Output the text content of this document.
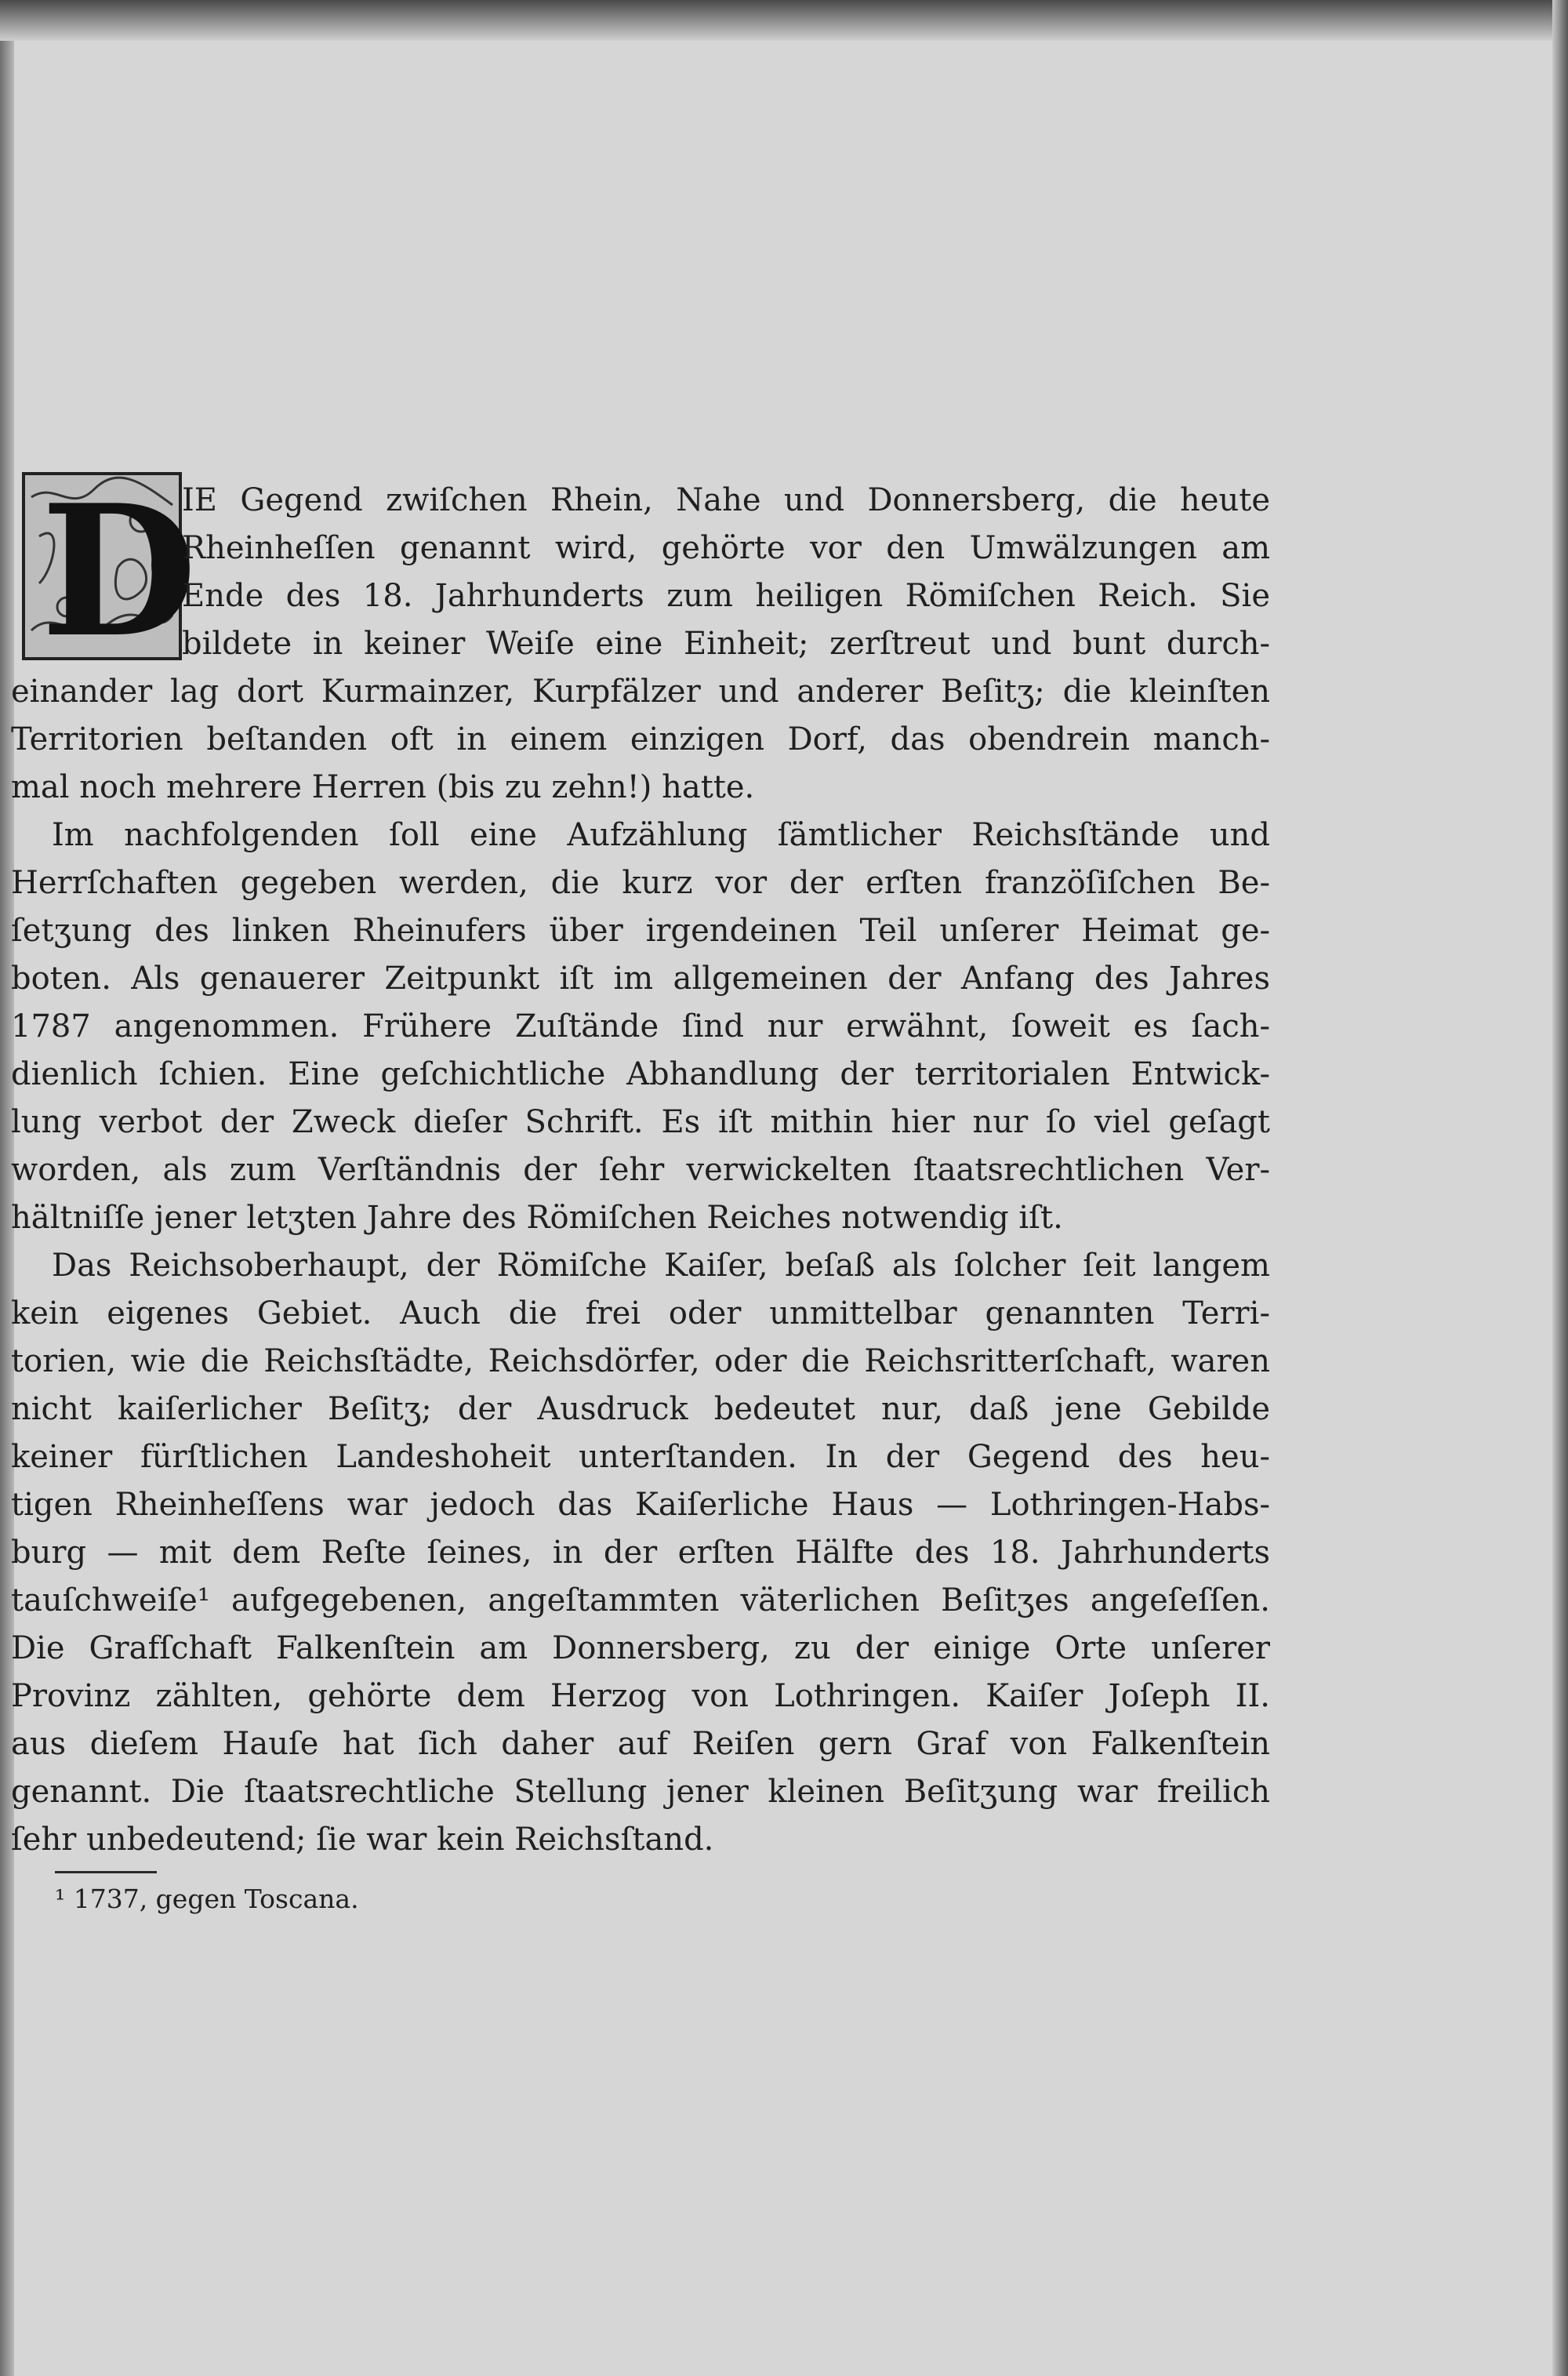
D
IE Gegend zwiſchen Rhein, Nahe und Donnersberg, die heute
Rheinheſſen genannt wird, gehörte vor den Umwälzungen am
Ende des 18. Jahrhunderts zum heiligen Römiſchen Reich. Sie
bildete in keiner Weiſe eine Einheit; zerſtreut und bunt durch-
einander lag dort Kurmainzer, Kurpfälzer und anderer Beſitʒ; die kleinſten
Territorien beſtanden oft in einem einzigen Dorf, das obendrein manch-
mal noch mehrere Herren (bis zu zehn!) hatte.
Im nachfolgenden ſoll eine Aufzählung ſämtlicher Reichsſtände und
Herrſchaften gegeben werden, die kurz vor der erſten franzöſiſchen Be-
ſetʒung des linken Rheinufers über irgendeinen Teil unſerer Heimat ge-
boten. Als genauerer Zeitpunkt iſt im allgemeinen der Anfang des Jahres
1787 angenommen. Frühere Zuſtände ſind nur erwähnt, ſoweit es ſach-
dienlich ſchien. Eine geſchichtliche Abhandlung der territorialen Entwick-
lung verbot der Zweck dieſer Schrift. Es iſt mithin hier nur ſo viel geſagt
worden, als zum Verſtändnis der ſehr verwickelten ſtaatsrechtlichen Ver-
hältniſſe jener letʒten Jahre des Römiſchen Reiches notwendig iſt.
Das Reichsoberhaupt, der Römiſche Kaiſer, beſaß als ſolcher ſeit langem
kein eigenes Gebiet. Auch die frei oder unmittelbar genannten Terri-
torien, wie die Reichsſtädte, Reichsdörfer, oder die Reichsritterſchaft, waren
nicht kaiſerlicher Beſitʒ; der Ausdruck bedeutet nur, daß jene Gebilde
keiner fürſtlichen Landeshoheit unterſtanden. In der Gegend des heu-
tigen Rheinheſſens war jedoch das Kaiſerliche Haus — Lothringen-Habs-
burg — mit dem Reſte ſeines, in der erſten Hälfte des 18. Jahrhunderts
tauſchweiſe¹ aufgegebenen, angeſtammten väterlichen Beſitʒes angeſeſſen.
Die Grafſchaft Falkenſtein am Donnersberg, zu der einige Orte unſerer
Provinz zählten, gehörte dem Herzog von Lothringen. Kaiſer Joſeph II.
aus dieſem Hauſe hat ſich daher auf Reiſen gern Graf von Falkenſtein
genannt. Die ſtaatsrechtliche Stellung jener kleinen Beſitʒung war freilich
ſehr unbedeutend; ſie war kein Reichsſtand.
¹ 1737, gegen Toscana.
